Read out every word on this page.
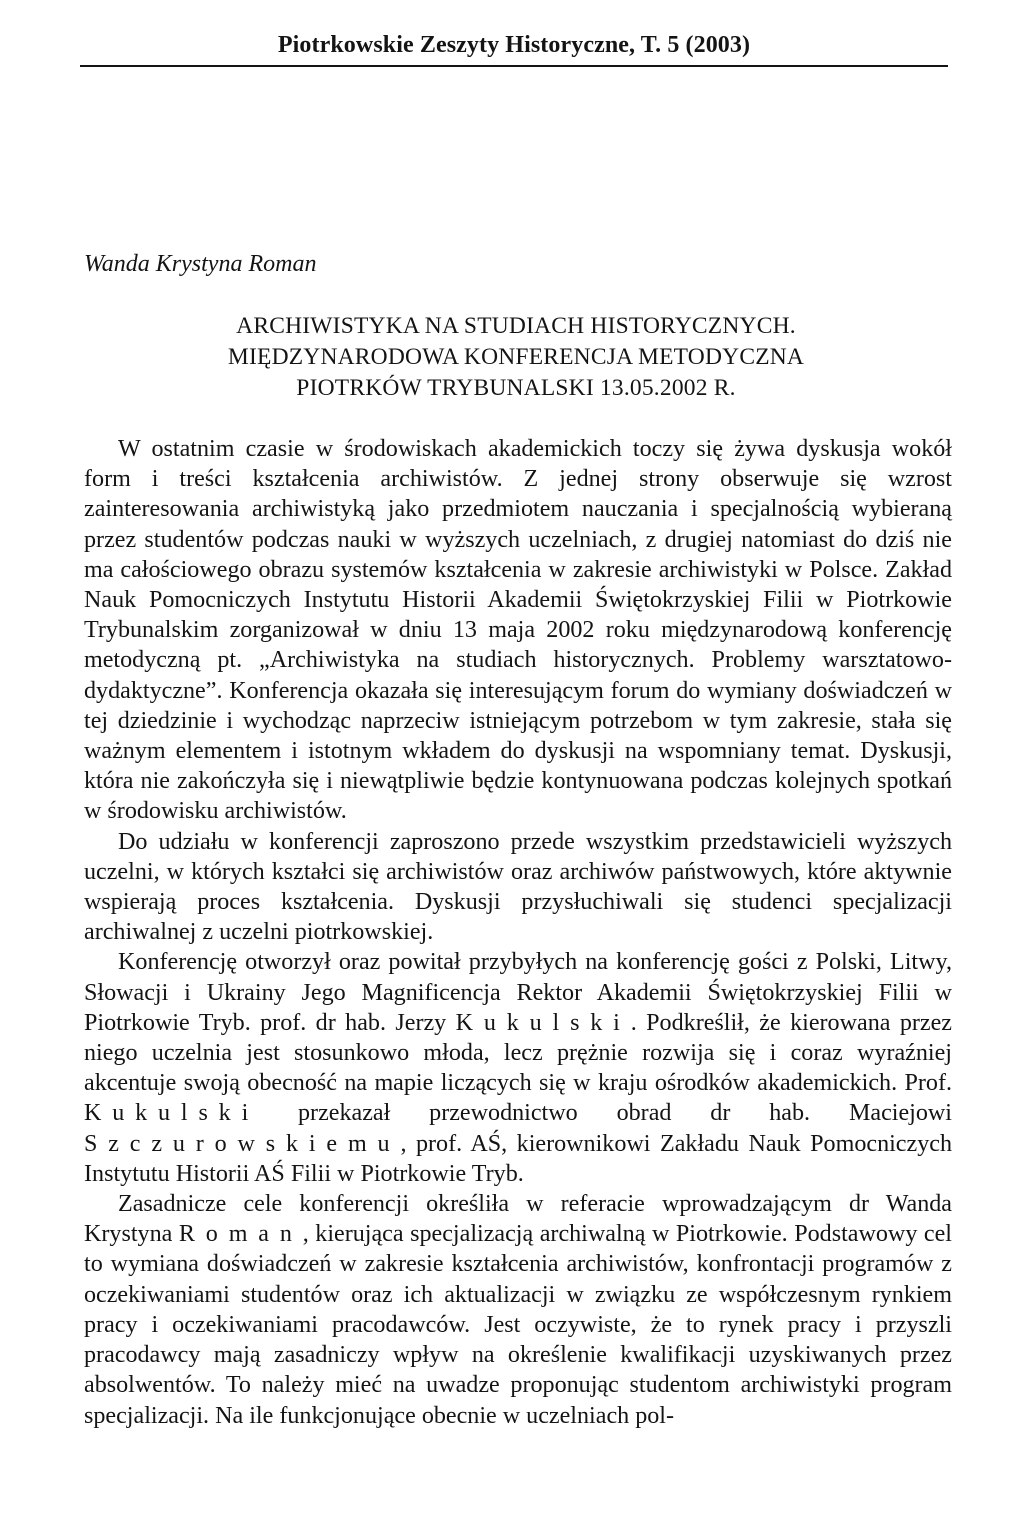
Piotrkowskie Zeszyty Historyczne, T. 5 (2003)
Wanda Krystyna Roman
ARCHIWISTYKA NA STUDIACH HISTORYCZNYCH.
MIĘDZYNARODOWA KONFERENCJA METODYCZNA
PIOTRKÓW TRYBUNALSKI 13.05.2002 R.

W ostatnim czasie w środowiskach akademickich toczy się żywa dyskusja wokół form i treści kształcenia archiwistów. Z jednej strony obserwuje się wzrost zainteresowania archiwistyką jako przedmiotem nauczania i specjalnością wybieraną przez studentów podczas nauki w wyższych uczelniach, z drugiej natomiast do dziś nie ma całościowego obrazu systemów kształcenia w zakresie archiwistyki w Polsce. Zakład Nauk Pomocniczych Instytutu Historii Akademii Świętokrzyskiej Filii w Piotrkowie Trybunalskim zorganizował w dniu 13 maja 2002 roku międzynarodową konferencję metodyczną pt. „Archiwistyka na studiach historycznych. Problemy warsztatowo-dydaktyczne”. Konferencja okazała się interesującym forum do wymiany doświadczeń w tej dziedzinie i wychodząc naprzeciw istniejącym potrzebom w tym zakresie, stała się ważnym elementem i istotnym wkładem do dyskusji na wspomniany temat. Dyskusji, która nie zakończyła się i niewątpliwie będzie kontynuowana podczas kolejnych spotkań w środowisku archiwistów.

Do udziału w konferencji zaproszono przede wszystkim przedstawicieli wyższych uczelni, w których kształci się archiwistów oraz archiwów państwowych, które aktywnie wspierają proces kształcenia. Dyskusji przysłuchiwali się studenci specjalizacji archiwalnej z uczelni piotrkowskiej.

Konferencję otworzył oraz powitał przybyłych na konferencję gości z Polski, Litwy, Słowacji i Ukrainy Jego Magnificencja Rektor Akademii Świętokrzyskiej Filii w Piotrkowie Tryb. prof. dr hab. Jerzy Kukulski. Podkreślił, że kierowana przez niego uczelnia jest stosunkowo młoda, lecz prężnie rozwija się i coraz wyraźniej akcentuje swoją obecność na mapie liczących się w kraju ośrodków akademickich. Prof. Kukulski przekazał przewodnictwo obrad dr hab. Maciejowi Szczurowskiemu, prof. AŚ, kierownikowi Zakładu Nauk Pomocniczych Instytutu Historii AŚ Filii w Piotrkowie Tryb.

Zasadnicze cele konferencji określiła w referacie wprowadzającym dr Wanda Krystyna Roman, kierująca specjalizacją archiwalną w Piotrkowie. Podstawowy cel to wymiana doświadczeń w zakresie kształcenia archiwistów, konfrontacji programów z oczekiwaniami studentów oraz ich aktualizacji w związku ze współczesnym rynkiem pracy i oczekiwaniami pracodawców. Jest oczywiste, że to rynek pracy i przyszli pracodawcy mają zasadniczy wpływ na określenie kwalifikacji uzyskiwanych przez absolwentów. To należy mieć na uwadze proponując studentom archiwistyki program specjalizacji. Na ile funkcjonujące obecnie w uczelniach pol-
